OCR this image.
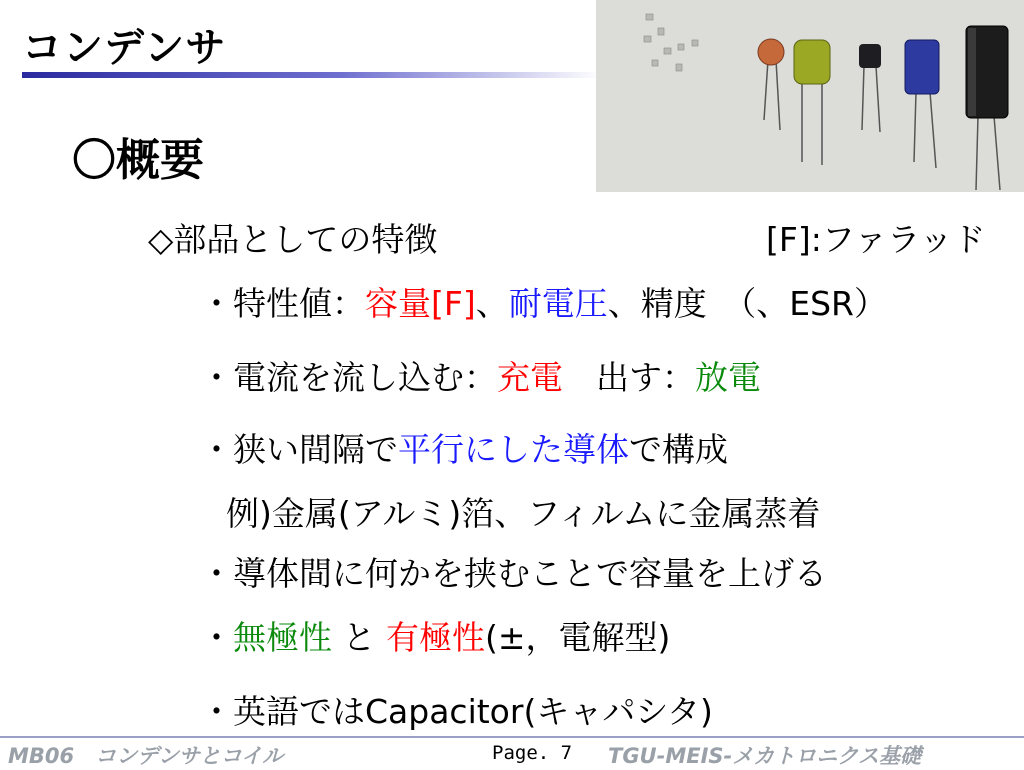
コンデンサ
〇概要
◇部品としての特徴	[F]:ファラッド
・特性値：容量[F]、耐電圧、精度　（、ESR）
・電流を流し込む：充電　出す：放電
・狭い間隔で平行にした導体で構成
例)金属(アルミ)箔、フィルムに金属蒸着
・導体間に何かを挟むことで容量を上げる
・無極性 と 有極性(±，電解型)
・英語ではCapacitor(キャパシタ)
MB06　コンデンサとコイル	Page. 7 TGU-MEIS-メカトロニクス基礎
